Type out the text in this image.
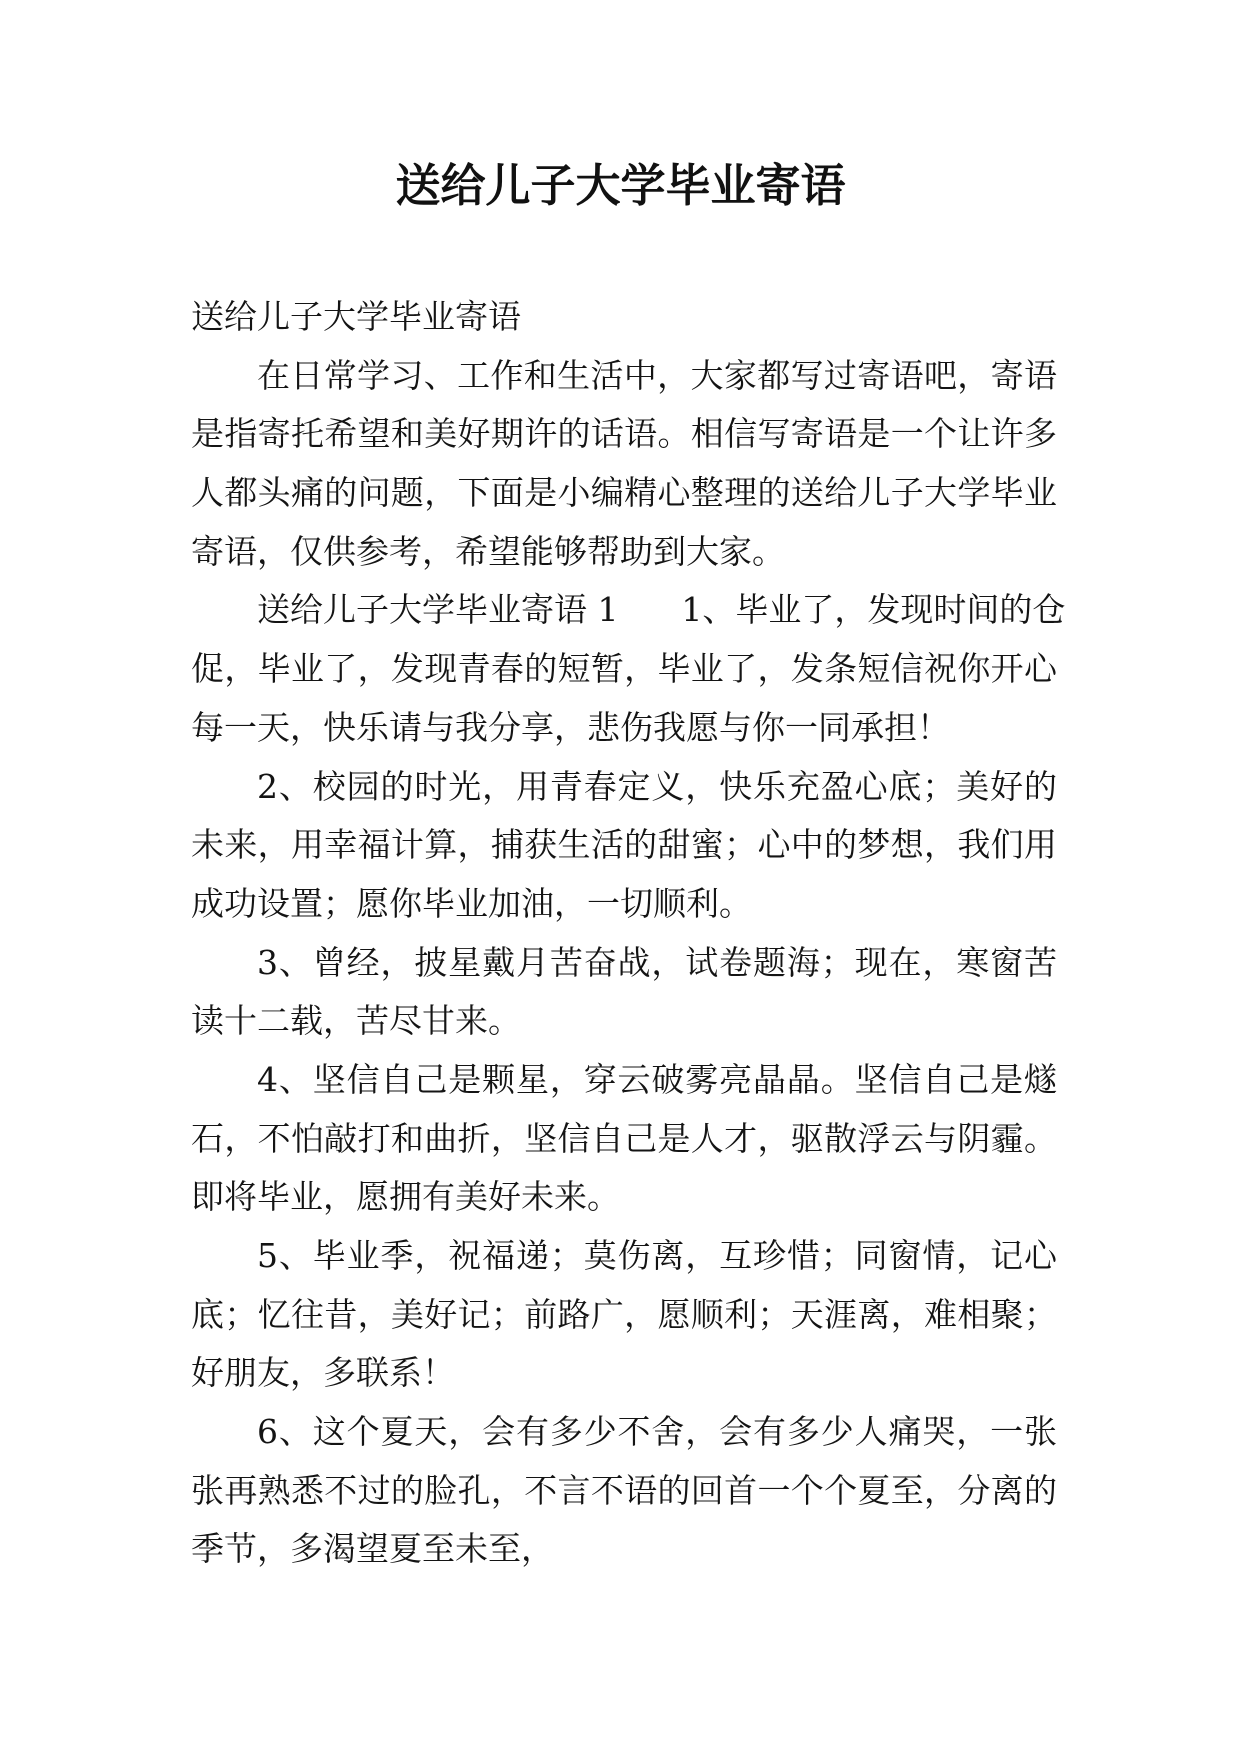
送给儿子大学毕业寄语
送给儿子大学毕业寄语
在日常学习、工作和生活中，大家都写过寄语吧，寄语
是指寄托希望和美好期许的话语。相信写寄语是一个让许多
人都头痛的问题，下面是小编精心整理的送给儿子大学毕业
寄语，仅供参考，希望能够帮助到大家。
送给儿子大学毕业寄语 1      1、毕业了，发现时间的仓
促，毕业了，发现青春的短暂，毕业了，发条短信祝你开心
每一天，快乐请与我分享，悲伤我愿与你一同承担！
2、校园的时光，用青春定义，快乐充盈心底；美好的
未来，用幸福计算，捕获生活的甜蜜；心中的梦想，我们用
成功设置；愿你毕业加油，一切顺利。
3、曾经，披星戴月苦奋战，试卷题海；现在，寒窗苦
读十二载，苦尽甘来。
4、坚信自己是颗星，穿云破雾亮晶晶。坚信自己是燧
石，不怕敲打和曲折，坚信自己是人才，驱散浮云与阴霾。
即将毕业，愿拥有美好未来。
5、毕业季，祝福递；莫伤离，互珍惜；同窗情，记心
底；忆往昔，美好记；前路广，愿顺利；天涯离，难相聚；
好朋友，多联系！
6、这个夏天，会有多少不舍，会有多少人痛哭，一张
张再熟悉不过的脸孔，不言不语的回首一个个夏至，分离的
季节，多渴望夏至未至，
